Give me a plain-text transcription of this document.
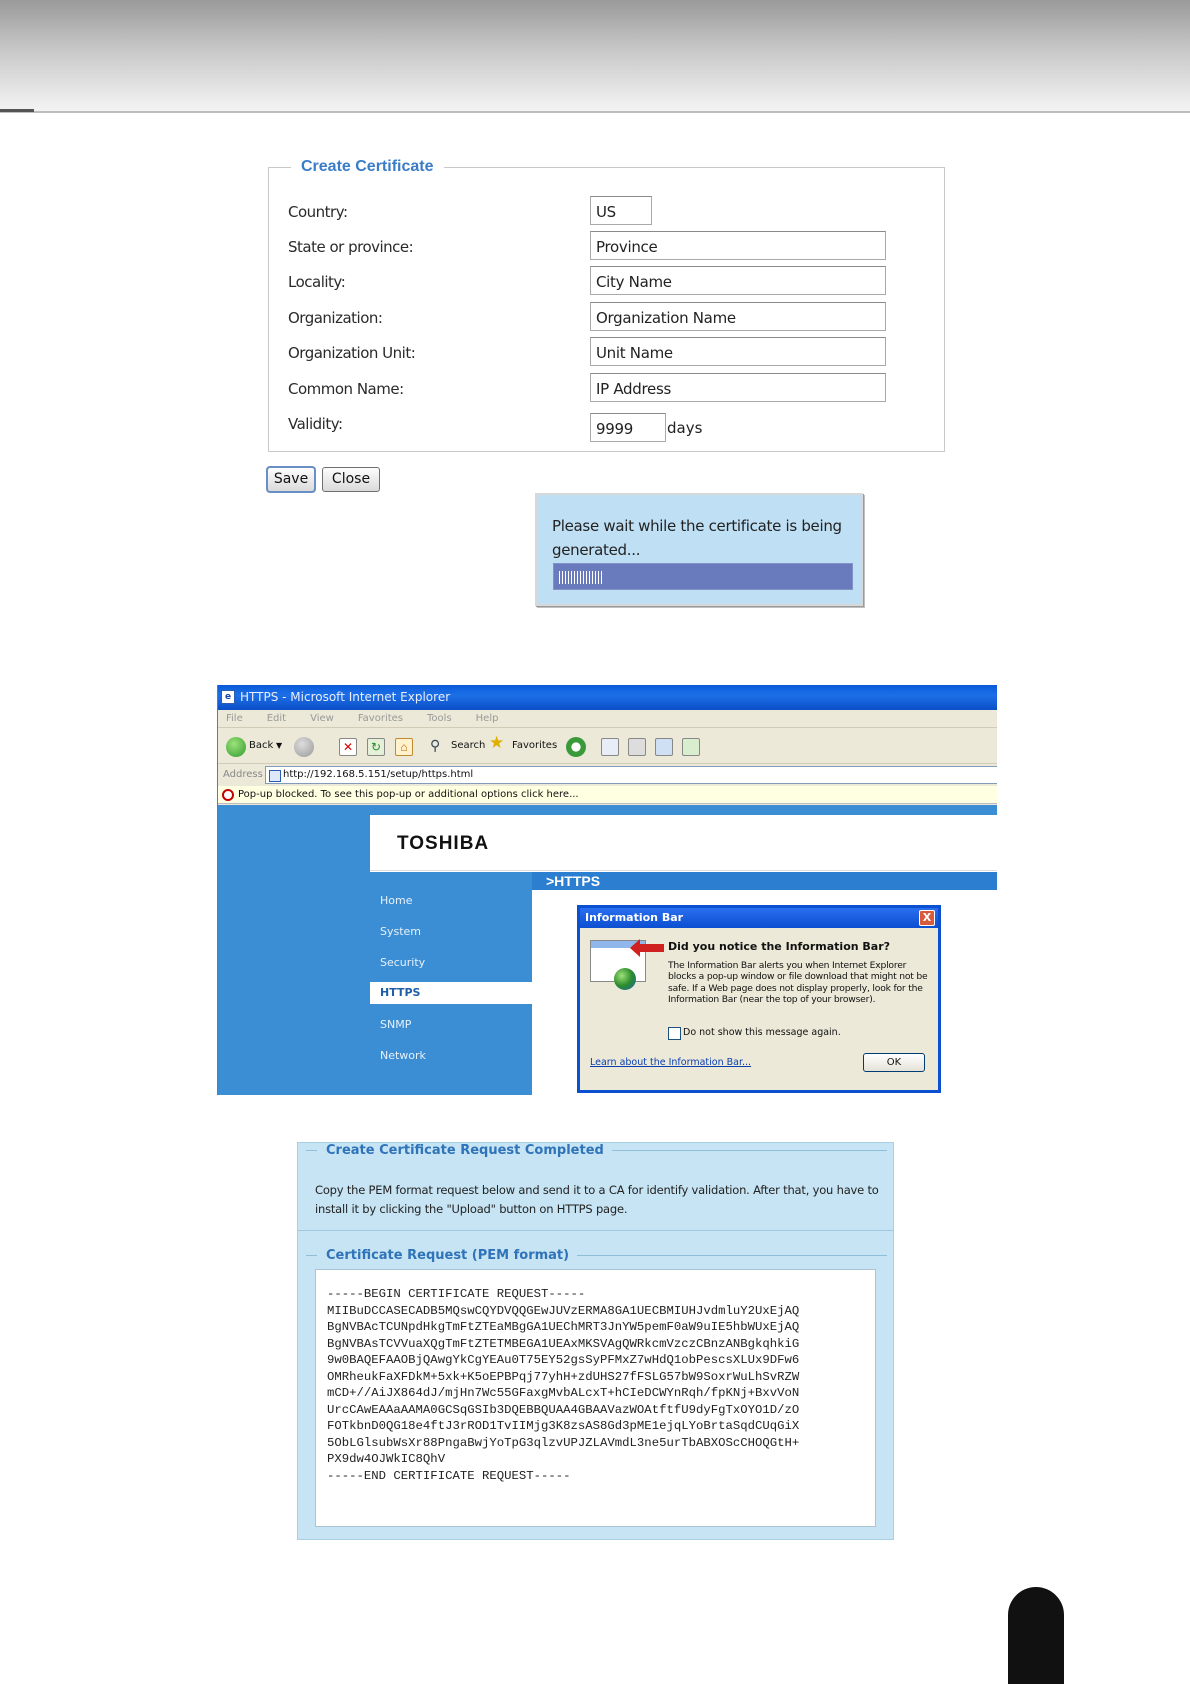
Create Certificate
Country:	US
State or province:	Province
Locality:	City Name
Organization:	Organization Name
Organization Unit:	Unit Name
Common Name:	IP Address
Validity:	9999	days
Save	Close
Please wait while the certificate is being generated...
e HTTPS - Microsoft Internet Explorer
File Edit View Favorites Tools Help
Back ▼	✕	↻	⌂	⚲ Search ★ Favorites
Address	http://192.168.5.151/setup/https.html
Pop-up blocked. To see this pop-up or additional options click here...
TOSHIBA
Home
System
Security
HTTPS
SNMP
Network
>HTTPS
Information Bar	X
Did you notice the Information Bar?
The Information Bar alerts you when Internet Explorer blocks a pop-up window or file download that might not be safe. If a Web page does not display properly, look for the Information Bar (near the top of your browser).
Do not show this message again.
Learn about the Information Bar...	OK
Create Certificate Request Completed
Copy the PEM format request below and send it to a CA for identify validation. After that, you have to install it by clicking the "Upload" button on HTTPS page.
Certificate Request (PEM format)
-----BEGIN CERTIFICATE REQUEST-----
MIIBuDCCASECADB5MQswCQYDVQQGEwJUVzERMA8GA1UECBMIUHJvdmluY2UxEjAQ
BgNVBAcTCUNpdHkgTmFtZTEaMBgGA1UEChMRT3JnYW5pemF0aW9uIE5hbWUxEjAQ
BgNVBAsTCVVuaXQgTmFtZTETMBEGA1UEAxMKSVAgQWRkcmVzczCBnzANBgkqhkiG
9w0BAQEFAAOBjQAwgYkCgYEAu0T75EY52gsSyPFMxZ7wHdQ1obPescsXLUx9DFw6
OMRheukFaXFDkM+5xk+K5oEPBPqj77yhH+zdUHS27fFSLG57bW9SoxrWuLhSvRZW
mCD+//AiJX864dJ/mjHn7Wc55GFaxgMvbALcxT+hCIeDCWYnRqh/fpKNj+BxvVoN
UrcCAwEAAaAAMA0GCSqGSIb3DQEBBQUAA4GBAAVazWOAtftfU9dyFgTxOYO1D/zO
FOTkbnD0QG18e4ftJ3rROD1TvIIMjg3K8zsAS8Gd3pME1ejqLYoBrtaSqdCUqGiX
5ObLGlsubWsXr88PngaBwjYoTpG3qlzvUPJZLAVmdL3ne5urTbABXOScCHOQGtH+
PX9dw4OJWkIC8QhV
-----END CERTIFICATE REQUEST-----
